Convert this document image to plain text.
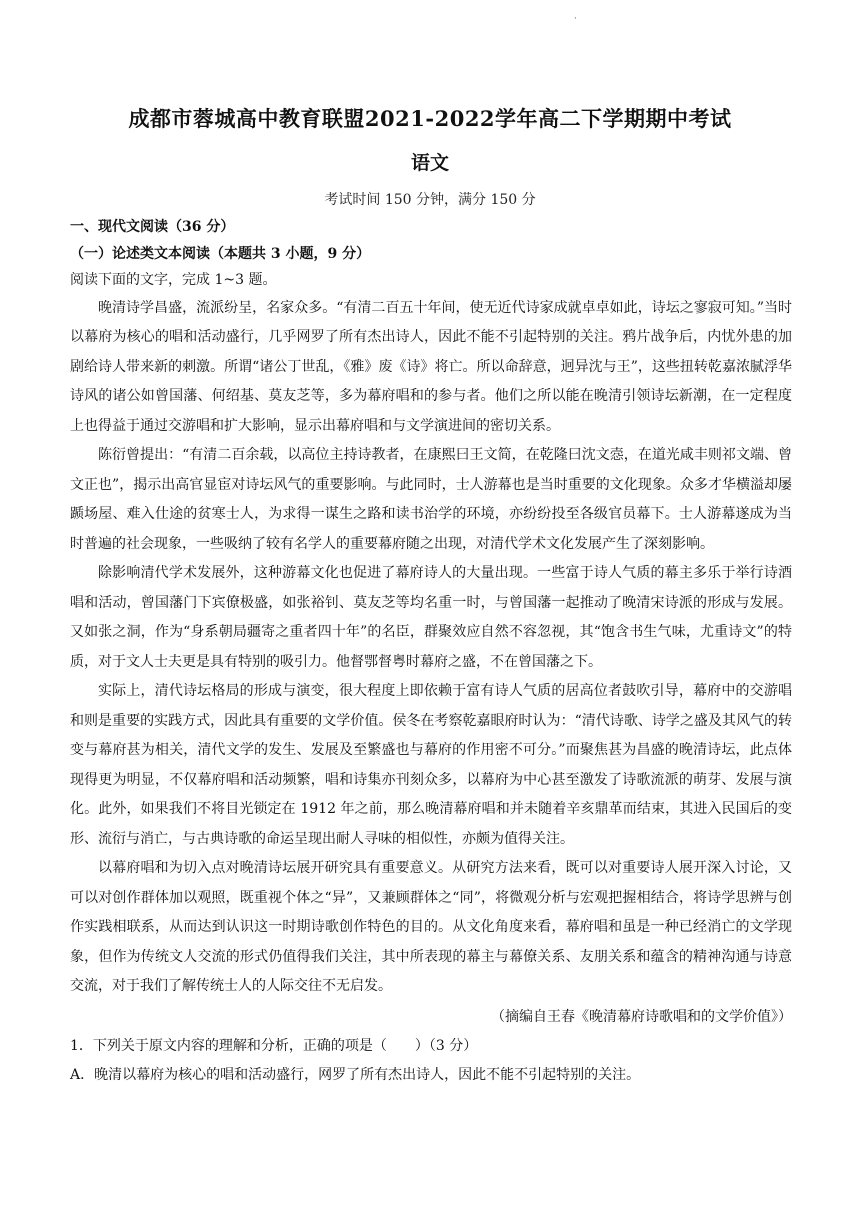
·
成都市蓉城高中教育联盟2021-2022学年高二下学期期中考试
语文
考试时间 150 分钟，满分 150 分

一、现代文阅读（36 分）

（一）论述类文本阅读（本题共 3 小题，9 分）

阅读下面的文字，完成 1~3 题。

晚清诗学昌盛，流派纷呈，名家众多。“有清二百五十年间，使无近代诗家成就卓卓如此，诗坛之寥寂可知。”当时以幕府为核心的唱和活动盛行，几乎网罗了所有杰出诗人，因此不能不引起特别的关注。鸦片战争后，内忧外患的加剧给诗人带来新的刺激。所谓“诸公丁世乱，《雅》废《诗》将亡。所以命辞意，迥异沈与王”，这些扭转乾嘉浓腻浮华诗风的诸公如曾国藩、何绍基、莫友芝等，多为幕府唱和的参与者。他们之所以能在晚清引领诗坛新潮，在一定程度上也得益于通过交游唱和扩大影响，显示出幕府唱和与文学演进间的密切关系。

陈衍曾提出：“有清二百余载，以高位主持诗教者，在康熙曰王文简，在乾隆曰沈文悫，在道光咸丰则祁文端、曾文正也”，揭示出高官显宦对诗坛风气的重要影响。与此同时，士人游幕也是当时重要的文化现象。众多才华横溢却屡踬场屋、难入仕途的贫寒士人，为求得一谋生之路和读书治学的环境，亦纷纷投至各级官员幕下。士人游幕遂成为当时普遍的社会现象，一些吸纳了较有名学人的重要幕府随之出现，对清代学术文化发展产生了深刻影响。

除影响清代学术发展外，这种游幕文化也促进了幕府诗人的大量出现。一些富于诗人气质的幕主多乐于举行诗酒唱和活动，曾国藩门下宾僚极盛，如张裕钊、莫友芝等均名重一时，与曾国藩一起推动了晚清宋诗派的形成与发展。又如张之洞，作为“身系朝局疆寄之重者四十年”的名臣，群聚效应自然不容忽视，其“饱含书生气味，尤重诗文”的特质，对于文人士夫更是具有特别的吸引力。他督鄂督粤时幕府之盛，不在曾国藩之下。

实际上，清代诗坛格局的形成与演变，很大程度上即依赖于富有诗人气质的居高位者鼓吹引导，幕府中的交游唱和则是重要的实践方式，因此具有重要的文学价值。侯冬在考察乾嘉眼府时认为：“清代诗歌、诗学之盛及其风气的转变与幕府甚为相关，清代文学的发生、发展及至繁盛也与幕府的作用密不可分。”而聚焦甚为昌盛的晚清诗坛，此点体现得更为明显，不仅幕府唱和活动频繁，唱和诗集亦刊刻众多，以幕府为中心甚至激发了诗歌流派的萌芽、发展与演化。此外，如果我们不将目光锁定在 1912 年之前，那么晚清幕府唱和并未随着辛亥鼎革而结束，其进入民国后的变形、流衍与消亡，与古典诗歌的命运呈现出耐人寻味的相似性，亦颇为值得关注。

以幕府唱和为切入点对晚清诗坛展开研究具有重要意义。从研究方法来看，既可以对重要诗人展开深入讨论，又可以对创作群体加以观照，既重视个体之“异”，又兼顾群体之“同”，将微观分析与宏观把握相结合，将诗学思辨与创作实践相联系，从而达到认识这一时期诗歌创作特色的目的。从文化角度来看，幕府唱和虽是一种已经消亡的文学现象，但作为传统文人交流的形式仍值得我们关注，其中所表现的幕主与幕僚关系、友朋关系和蕴含的精神沟通与诗意交流，对于我们了解传统士人的人际交往不无启发。

（摘编自王春《晚清幕府诗歌唱和的文学价值》）

1．下列关于原文内容的理解和分析，正确的项是（　　）（3 分）

A．晚清以幕府为核心的唱和活动盛行，网罗了所有杰出诗人，因此不能不引起特别的关注。
